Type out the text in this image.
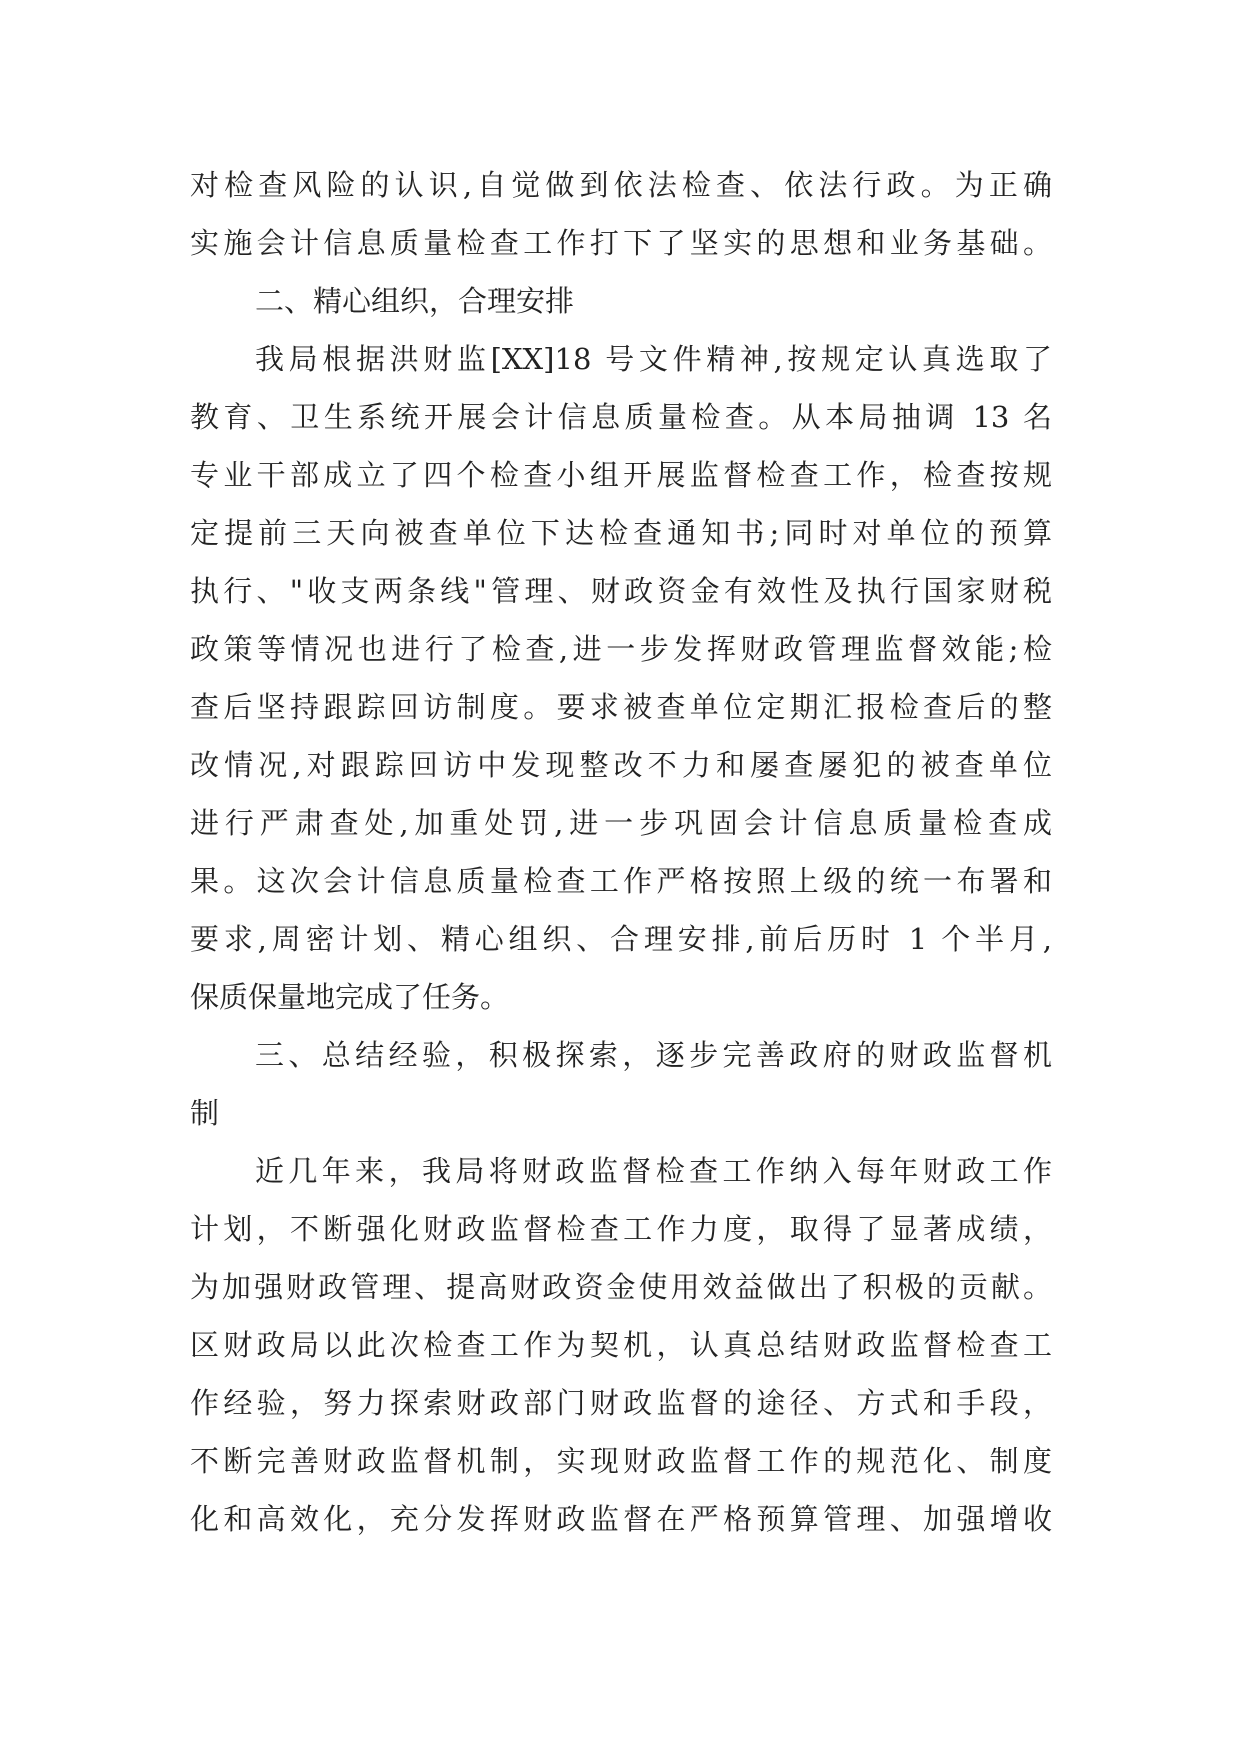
对检查风险的认识,自觉做到依法检查、依法行政。为正确
实施会计信息质量检查工作打下了坚实的思想和业务基础。
二、精心组织，合理安排
我局根据洪财监[XX]18 号文件精神,按规定认真选取了
教育、卫生系统开展会计信息质量检查。从本局抽调 13 名
专业干部成立了四个检查小组开展监督检查工作，检查按规
定提前三天向被查单位下达检查通知书;同时对单位的预算
执行、"收支两条线"管理、财政资金有效性及执行国家财税
政策等情况也进行了检查,进一步发挥财政管理监督效能;检
查后坚持跟踪回访制度。要求被查单位定期汇报检查后的整
改情况,对跟踪回访中发现整改不力和屡查屡犯的被查单位
进行严肃查处,加重处罚,进一步巩固会计信息质量检查成
果。这次会计信息质量检查工作严格按照上级的统一布署和
要求,周密计划、精心组织、合理安排,前后历时 1 个半月,
保质保量地完成了任务。
三、总结经验，积极探索，逐步完善政府的财政监督机
制
近几年来，我局将财政监督检查工作纳入每年财政工作
计划，不断强化财政监督检查工作力度，取得了显著成绩，
为加强财政管理、提高财政资金使用效益做出了积极的贡献。
区财政局以此次检查工作为契机，认真总结财政监督检查工
作经验，努力探索财政部门财政监督的途径、方式和手段，
不断完善财政监督机制，实现财政监督工作的规范化、制度
化和高效化，充分发挥财政监督在严格预算管理、加强增收
